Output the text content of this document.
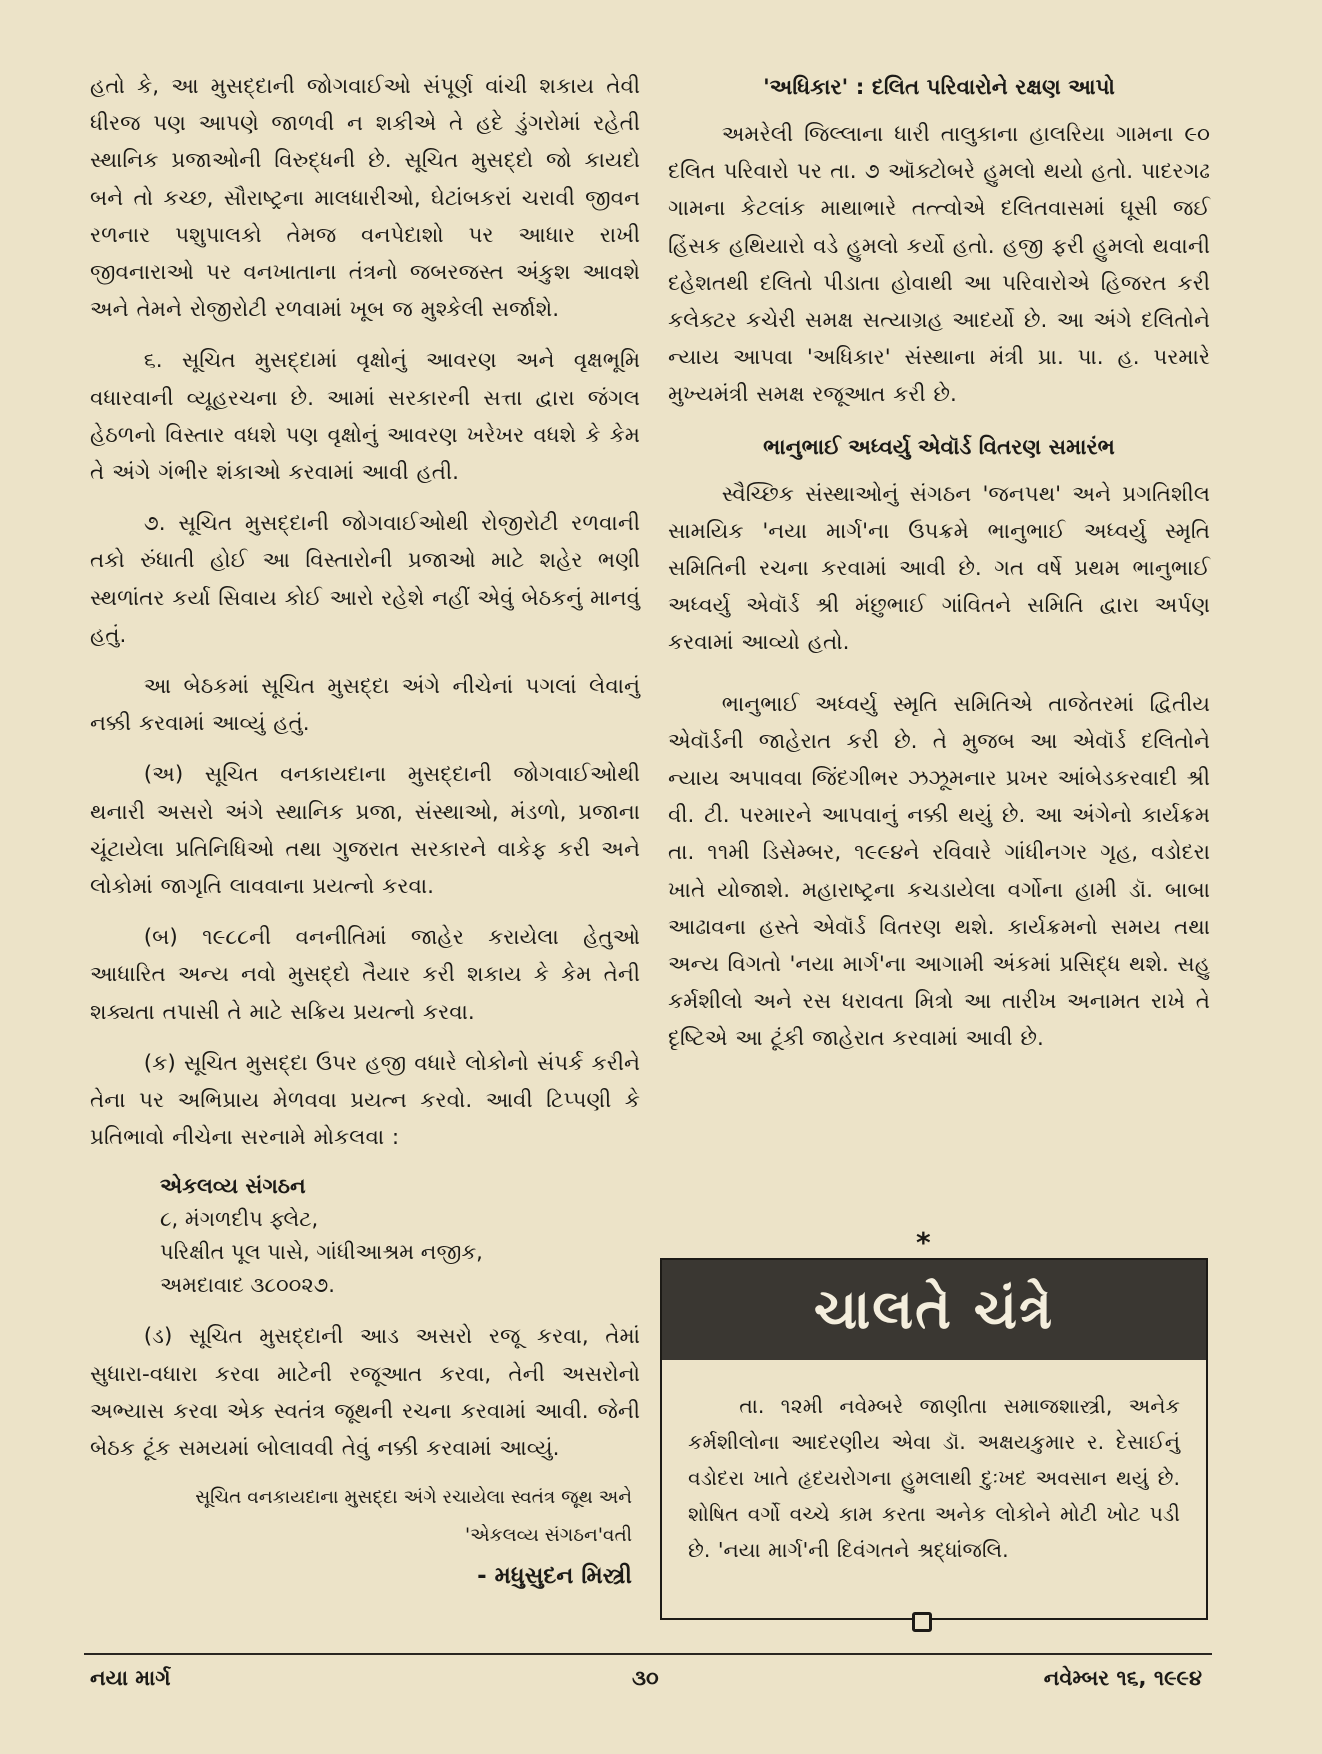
હતો કે, આ મુસદ્દાની જોગવાઈઓ સંપૂર્ણ વાંચી શકાય તેવી ધીરજ પણ આપણે જાળવી ન શકીએ તે હદે ડુંગરોમાં રહેતી સ્થાનિક પ્રજાઓની વિરુદ્ધની છે. સૂચિત મુસદ્દો જો કાયદો બને તો કચ્છ, સૌરાષ્ટ્રના માલધારીઓ, ઘેટાંબકરાં ચરાવી જીવન રળનાર પશુપાલકો તેમજ વનપેદાશો પર આધાર રાખી જીવનારાઓ પર વનખાતાના તંત્રનો જબરજસ્ત અંકુશ આવશે અને તેમને રોજીરોટી રળવામાં ખૂબ જ મુશ્કેલી સર્જાશે.

૬. સૂચિત મુસદ્દામાં વૃક્ષોનું આવરણ અને વૃક્ષભૂમિ વધારવાની વ્યૂહરચના છે. આમાં સરકારની સત્તા દ્વારા જંગલ હેઠળનો વિસ્તાર વધશે પણ વૃક્ષોનું આવરણ ખરેખર વધશે કે કેમ તે અંગે ગંભીર શંકાઓ કરવામાં આવી હતી.

૭. સૂચિત મુસદ્દાની જોગવાઈઓથી રોજીરોટી રળવાની તકો રુંધાતી હોઈ આ વિસ્તારોની પ્રજાઓ માટે શહેર ભણી સ્થળાંતર કર્યા સિવાય કોઈ આરો રહેશે નહીં એવું બેઠકનું માનવું હતું.

આ બેઠકમાં સૂચિત મુસદ્દા અંગે નીચેનાં પગલાં લેવાનું નક્કી કરવામાં આવ્યું હતું.

(અ) સૂચિત વનકાયદાના મુસદ્દાની જોગવાઈઓથી થનારી અસરો અંગે સ્થાનિક પ્રજા, સંસ્થાઓ, મંડળો, પ્રજાના ચૂંટાયેલા પ્રતિનિધિઓ તથા ગુજરાત સરકારને વાકેફ કરી અને લોકોમાં જાગૃતિ લાવવાના પ્રયત્નો કરવા.

(બ) ૧૯૮૮ની વનનીતિમાં જાહેર કરાયેલા હેતુઓ આધારિત અન્ય નવો મુસદ્દો તૈયાર કરી શકાય કે કેમ તેની શક્યતા તપાસી તે માટે સક્રિય પ્રયત્નો કરવા.

(ક) સૂચિત મુસદ્દા ઉપર હજી વધારે લોકોનો સંપર્ક કરીને તેના પર અભિપ્રાય મેળવવા પ્રયત્ન કરવો. આવી ટિપ્પણી કે પ્રતિભાવો નીચેના સરનામે મોકલવા :

એકલવ્ય સંગઠન
૮, મંગળદીપ ફ્લેટ,
પરિક્ષીત પૂલ પાસે, ગાંધીઆશ્રમ નજીક,
અમદાવાદ ૩૮૦૦૨૭.

(ડ) સૂચિત મુસદ્દાની આડ અસરો રજૂ કરવા, તેમાં સુધારા-વધારા કરવા માટેની રજૂઆત કરવા, તેની અસરોનો અભ્યાસ કરવા એક સ્વતંત્ર જૂથની રચના કરવામાં આવી. જેની બેઠક ટૂંક સમયમાં બોલાવવી તેવું નક્કી કરવામાં આવ્યું.

સૂચિત વનકાયદાના મુસદ્દા અંગે રચાયેલા સ્વતંત્ર જૂથ અને
'એકલવ્ય સંગઠન'વતી
- મધુસુદન મિસ્ત્રી
'અધિકાર' : દલિત પરિવારોને રક્ષણ આપો

અમરેલી જિલ્લાના ધારી તાલુકાના હાલરિયા ગામના ૯૦ દલિત પરિવારો પર તા. ૭ ઑક્ટોબરે હુમલો થયો હતો. પાદરગઢ ગામના કેટલાંક માથાભારે તત્ત્વોએ દલિતવાસમાં ઘૂસી જઈ હિંસક હથિયારો વડે હુમલો કર્યો હતો. હજી ફરી હુમલો થવાની દહેશતથી દલિતો પીડાતા હોવાથી આ પરિવારોએ હિજરત કરી કલેક્ટર કચેરી સમક્ષ સત્યાગ્રહ આદર્યો છે. આ અંગે દલિતોને ન્યાય આપવા 'અધિકાર' સંસ્થાના મંત્રી પ્રા. પા. હ. પરમારે મુખ્યમંત્રી સમક્ષ રજૂઆત કરી છે.

ભાનુભાઈ અધ્વર્યુ એવૉર્ડ વિતરણ સમારંભ

સ્વૈચ્છિક સંસ્થાઓનું સંગઠન 'જનપથ' અને પ્રગતિશીલ સામયિક 'નયા માર્ગ'ના ઉપક્રમે ભાનુભાઈ અધ્વર્યુ સ્મૃતિ સમિતિની રચના કરવામાં આવી છે. ગત વર્ષે પ્રથમ ભાનુભાઈ અધ્વર્યુ એવૉર્ડ શ્રી મંછુભાઈ ગાંવિતને સમિતિ દ્વારા અર્પણ કરવામાં આવ્યો હતો.

ભાનુભાઈ અધ્વર્યુ સ્મૃતિ સમિતિએ તાજેતરમાં દ્વિતીય એવૉર્ડની જાહેરાત કરી છે. તે મુજબ આ એવૉર્ડ દલિતોને ન્યાય અપાવવા જિંદગીભર ઝઝૂમનાર પ્રખર આંબેડકરવાદી શ્રી વી. ટી. પરમારને આપવાનું નક્કી થયું છે. આ અંગેનો કાર્યક્રમ તા. ૧૧મી ડિસેમ્બર, ૧૯૯૪ને રવિવારે ગાંધીનગર ગૃહ, વડોદરા ખાતે યોજાશે. મહારાષ્ટ્રના કચડાયેલા વર્ગોના હામી ડૉ. બાબા આઢાવના હસ્તે એવૉર્ડ વિતરણ થશે. કાર્યક્રમનો સમય તથા અન્ય વિગતો 'નયા માર્ગ'ના આગામી અંકમાં પ્રસિદ્ધ થશે. સહુ કર્મશીલો અને રસ ધરાવતા મિત્રો આ તારીખ અનામત રાખે તે દૃષ્ટિએ આ ટૂંકી જાહેરાત કરવામાં આવી છે.

*
ચાલતે ચંત્રે

તા. ૧૨મી નવેમ્બરે જાણીતા સમાજશાસ્ત્રી, અનેક કર્મશીલોના આદરણીય એવા ડૉ. અક્ષયકુમાર ર. દેસાઈનું વડોદરા ખાતે હૃદયરોગના હુમલાથી દુઃખદ અવસાન થયું છે. શોષિત વર્ગો વચ્ચે કામ કરતા અનેક લોકોને મોટી ખોટ પડી છે. 'નયા માર્ગ'ની દિવંગતને શ્રદ્ધાંજલિ.

નયા માર્ગ	૩૦	નવેમ્બર ૧૬, ૧૯૯૪
